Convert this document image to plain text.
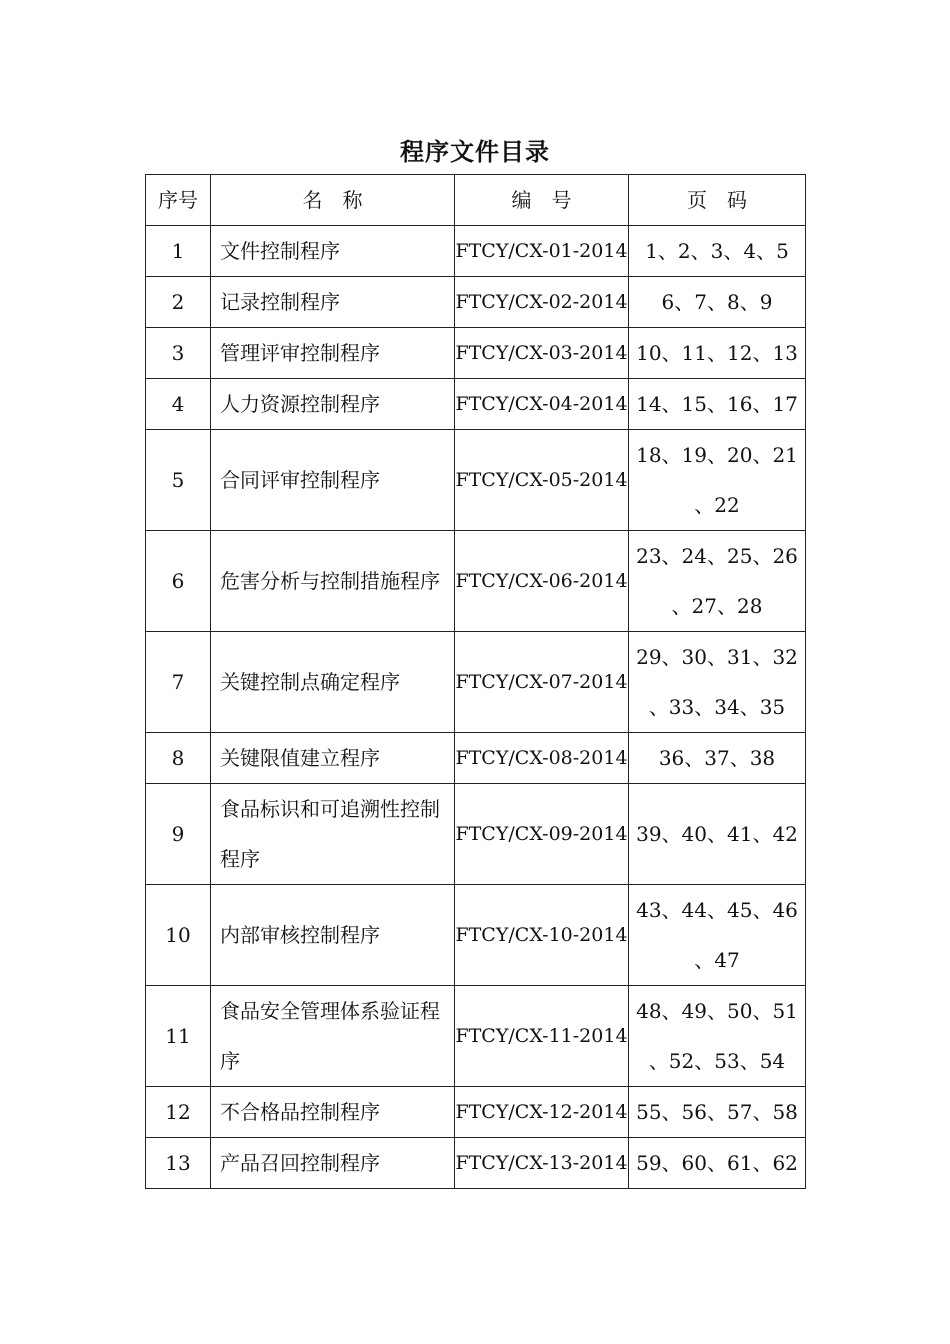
程序文件目录
序号	名　称	编　号	页　码
1	文件控制程序	FTCY/CX-01-2014	1、2、3、4、5

2	记录控制程序	FTCY/CX-02-2014	6、7、8、9

3	管理评审控制程序	FTCY/CX-03-2014	10、11、12、13

4	人力资源控制程序	FTCY/CX-04-2014	14、15、16、17

5	合同评审控制程序	FTCY/CX-05-2014	18、19、20、21
、22

6	危害分析与控制措施程序	FTCY/CX-06-2014	23、24、25、26
、27、28

7	关键控制点确定程序	FTCY/CX-07-2014	29、30、31、32
、33、34、35

8	关键限值建立程序	FTCY/CX-08-2014	36、37、38

9	食品标识和可追溯性控制
程序	FTCY/CX-09-2014	39、40、41、42

10	内部审核控制程序	FTCY/CX-10-2014	43、44、45、46
、47

11	食品安全管理体系验证程
序	FTCY/CX-11-2014	48、49、50、51
、52、53、54

12	不合格品控制程序	FTCY/CX-12-2014	55、56、57、58

13	产品召回控制程序	FTCY/CX-13-2014	59、60、61、62
